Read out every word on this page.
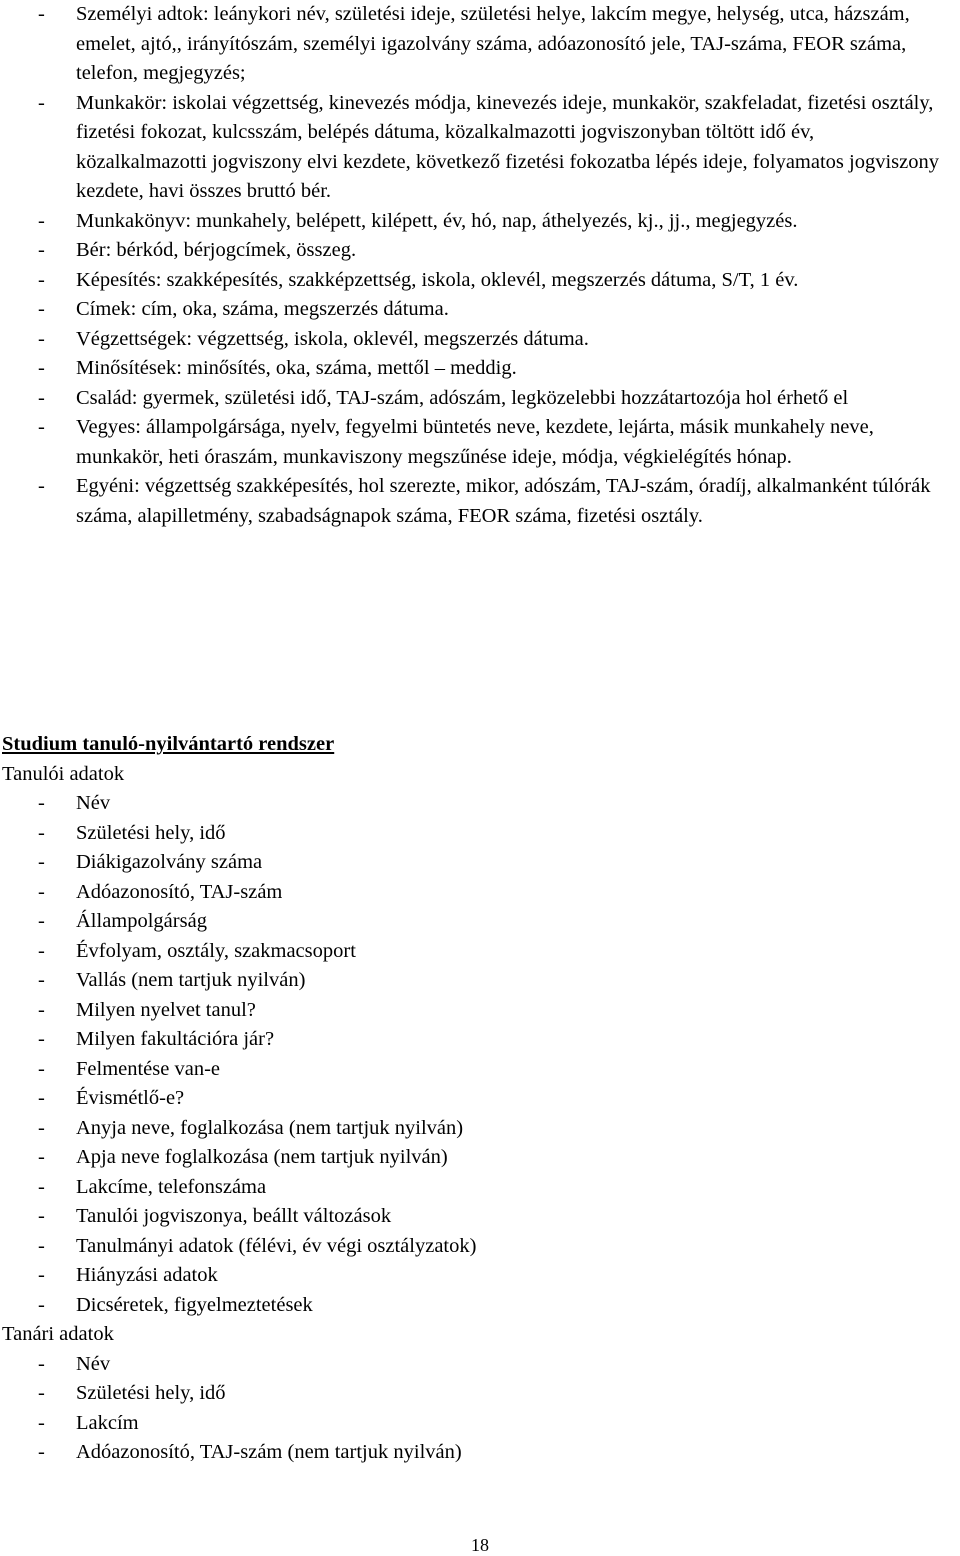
- Személyi adtok: leánykori név, születési ideje, születési helye, lakcím megye, helység, utca, házszám, emelet, ajtó,, irányítószám, személyi igazolvány száma, adóazonosító jele, TAJ-száma, FEOR száma, telefon, megjegyzés;
- Munkakör: iskolai végzettség, kinevezés módja, kinevezés ideje, munkakör, szakfeladat, fizetési osztály, fizetési fokozat, kulcsszám, belépés dátuma, közalkalmazotti jogviszonyban töltött idő év, közalkalmazotti jogviszony elvi kezdete, következő fizetési fokozatba lépés ideje, folyamatos jogviszony kezdete, havi összes bruttó bér.
- Munkakönyv: munkahely, belépett, kilépett, év, hó, nap, áthelyezés, kj., jj., megjegyzés.
- Bér: bérkód, bérjogcímek, összeg.
- Képesítés: szakképesítés, szakképzettség, iskola, oklevél, megszerzés dátuma, S/T, 1 év.
- Címek: cím, oka, száma, megszerzés dátuma.
- Végzettségek: végzettség, iskola, oklevél, megszerzés dátuma.
- Minősítések: minősítés, oka, száma, mettől – meddig.
- Család: gyermek, születési idő, TAJ-szám, adószám, legközelebbi hozzátartozója hol érhető el
- Vegyes: állampolgársága, nyelv, fegyelmi büntetés neve, kezdete, lejárta, másik munkahely neve, munkakör, heti óraszám, munkaviszony megszűnése ideje, módja, végkielégítés hónap.
- Egyéni: végzettség szakképesítés, hol szerezte, mikor, adószám, TAJ-szám, óradíj, alkalmanként túlórák száma, alapilletmény, szabadságnapok száma, FEOR száma, fizetési osztály.
Studium tanuló-nyilvántartó rendszer
Tanulói adatok
- Név
- Születési hely, idő
- Diákigazolvány száma
- Adóazonosító, TAJ-szám
- Állampolgárság
- Évfolyam, osztály, szakmacsoport
- Vallás (nem tartjuk nyilván)
- Milyen nyelvet tanul?
- Milyen fakultációra jár?
- Felmentése van-e
- Évismétlő-e?
- Anyja neve, foglalkozása (nem tartjuk nyilván)
- Apja neve foglalkozása (nem tartjuk nyilván)
- Lakcíme, telefonszáma
- Tanulói jogviszonya, beállt változások
- Tanulmányi adatok (félévi, év végi osztályzatok)
- Hiányzási adatok
- Dicséretek, figyelmeztetések
Tanári adatok
- Név
- Születési hely, idő
- Lakcím
- Adóazonosító, TAJ-szám (nem tartjuk nyilván)
18
